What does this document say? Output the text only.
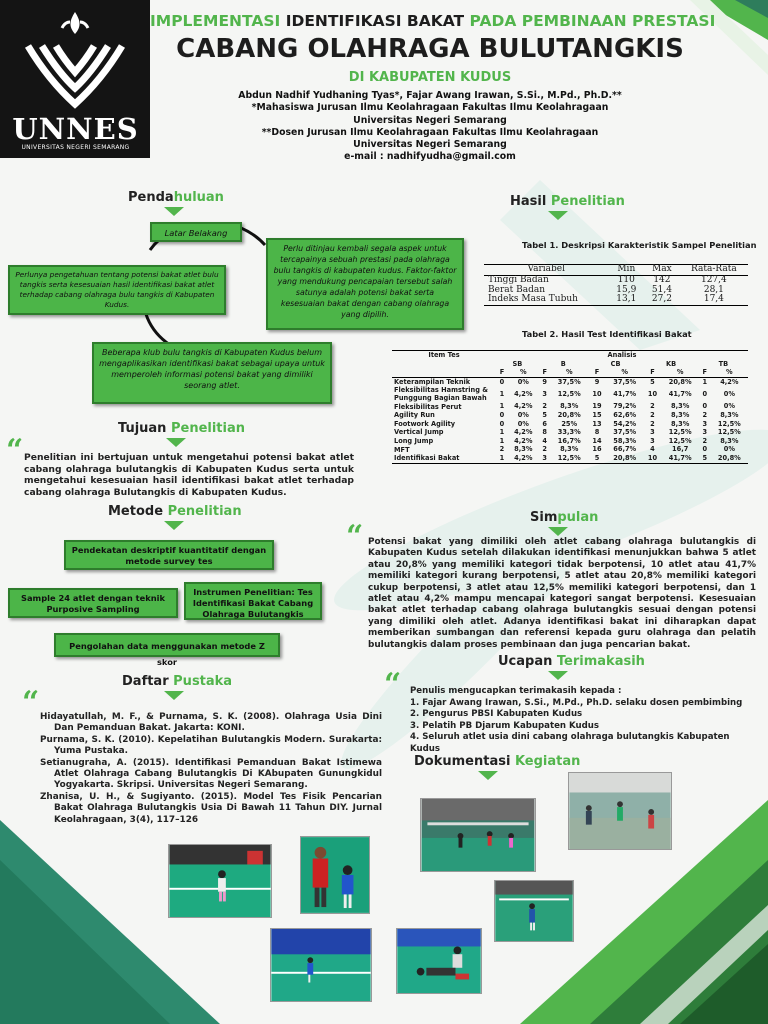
UNNES
UNIVERSITAS NEGERI SEMARANG
IMPLEMENTASI IDENTIFIKASI BAKAT PADA PEMBINAAN PRESTASI
CABANG OLAHRAGA BULUTANGKIS
DI KABUPATEN KUDUS
Abdun Nadhif Yudhaning Tyas*, Fajar Awang Irawan, S.Si., M.Pd., Ph.D.**
*Mahasiswa Jurusan Ilmu Keolahragaan Fakultas Ilmu Keolahragaan
Universitas Negeri Semarang
**Dosen Jurusan Ilmu Keolahragaan Fakultas Ilmu Keolahragaan
Universitas Negeri Semarang
e-mail : nadhifyudha@gmail.com
Pendahuluan
Latar Belakang
Perlunya pengetahuan tentang potensi bakat atlet bulu tangkis serta kesesuaian hasil identifikasi bakat atlet terhadap cabang olahraga bulu tangkis di Kabupaten Kudus.
Perlu ditinjau kembali segala aspek untuk tercapainya sebuah prestasi pada olahraga bulu tangkis di kabupaten kudus. Faktor-faktor yang mendukung pencapaian tersebut salah satunya adalah potensi bakat serta kesesuaian bakat dengan cabang olahraga yang dipilih.
Beberapa klub bulu tangkis di Kabupaten Kudus belum mengaplikasikan identifikasi bakat sebagai upaya untuk memperoleh informasi potensi bakat yang dimiliki seorang atlet.
Tujuan Penelitian
“ Penelitian ini bertujuan untuk mengetahui potensi bakat atlet cabang olahraga bulutangkis di Kabupaten Kudus serta untuk mengetahui kesesuaian hasil identifikasi bakat atlet terhadap cabang olahraga Bulutangkis di Kabupaten Kudus.
Metode Penelitian
Pendekatan deskriptif kuantitatif dengan metode survey tes
Sample 24 atlet dengan teknik Purposive Sampling
Instrumen Penelitian: Tes Identifikasi Bakat Cabang Olahraga Bulutangkis
Pengolahan data menggunakan metode Z skor
Daftar Pustaka
“ Hidayatullah, M. F., & Purnama, S. K. (2008). Olahraga Usia Dini Dan Pemanduan Bakat. Jakarta: KONI.

Purnama, S. K. (2010). Kepelatihan Bulutangkis Modern. Surakarta: Yuma Pustaka.

Setianugraha, A. (2015). Identifikasi Pemanduan Bakat Istimewa Atlet Olahraga Cabang Bulutangkis Di KAbupaten Gunungkidul Yogyakarta. Skripsi. Universitas Negeri Semarang.

Zhanisa, U. H., & Sugiyanto. (2015). Model Tes Fisik Pencarian Bakat Olahraga Bulutangkis Usia Di Bawah 11 Tahun DIY. Jurnal Keolahragaan, 3(4), 117–126

Hasil Penelitian
Tabel 1. Deskripsi Karakteristik Sampel Penelitian
Variabel	Min	Max	Rata-Rata
Tinggi Badan	110	142	127,4
Berat Badan	15,9	51,4	28,1
Indeks Masa Tubuh	13,1	27,2	17,4
Tabel 2. Hasil Test Identifikasi Bakat
Item Tes	Analisis									
	SB		B		CB		KB		TB	
	F	%	F	%	F	%	F	%	F	%
Keterampilan Teknik	0	0%	9	37,5%	9	37,5%	5	20,8%	1	4,2%
Fleksibilitas Hamstring & Punggung Bagian Bawah	1	4,2%	3	12,5%	10	41,7%	10	41,7%	0	0%
Fleksibilitas Perut	1	4,2%	2	8,3%	19	79,2%	2	8,3%	0	0%
Agility Run	0	0%	5	20,8%	15	62,6%	2	8,3%	2	8,3%
Footwork Agility	0	0%	6	25%	13	54,2%	2	8,3%	3	12,5%
Vertical Jump	1	4,2%	8	33,3%	8	37,5%	3	12,5%	3	12,5%
Long Jump	1	4,2%	4	16,7%	14	58,3%	3	12,5%	2	8,3%
MFT	2	8,3%	2	8,3%	16	66,7%	4	16,7	0	0%
Identifikasi Bakat	1	4,2%	3	12,5%	5	20,8%	10	41,7%	5	20,8%
Simpulan
“ Potensi bakat yang dimiliki oleh atlet cabang olahraga bulutangkis di Kabupaten Kudus setelah dilakukan identifikasi menunjukkan bahwa 5 atlet atau 20,8% yang memiliki kategori tidak berpotensi, 10 atlet atau 41,7% memiliki kategori kurang berpotensi, 5 atlet atau 20,8% memiliki kategori cukup berpotensi, 3 atlet atau 12,5% memiliki kategori berpotensi, dan 1 atlet atau 4,2% mampu mencapai kategori sangat berpotensi. Kesesuaian bakat atlet terhadap cabang olahraga bulutangkis sesuai dengan potensi yang dimiliki oleh atlet. Adanya identifikasi bakat ini diharapkan dapat memberikan sumbangan dan referensi kepada guru olahraga dan pelatih bulutangkis dalam proses pembinaan dan juga pencarian bakat.
Ucapan Terimakasih
“ Penulis mengucapkan terimakasih kepada :
1. Fajar Awang Irawan, S.Si., M.Pd., Ph.D. selaku dosen pembimbing
2. Pengurus PBSI Kabupaten Kudus
3. Pelatih PB Djarum Kabupaten Kudus
4. Seluruh atlet usia dini cabang olahraga bulutangkis Kabupaten Kudus
Dokumentasi Kegiatan
